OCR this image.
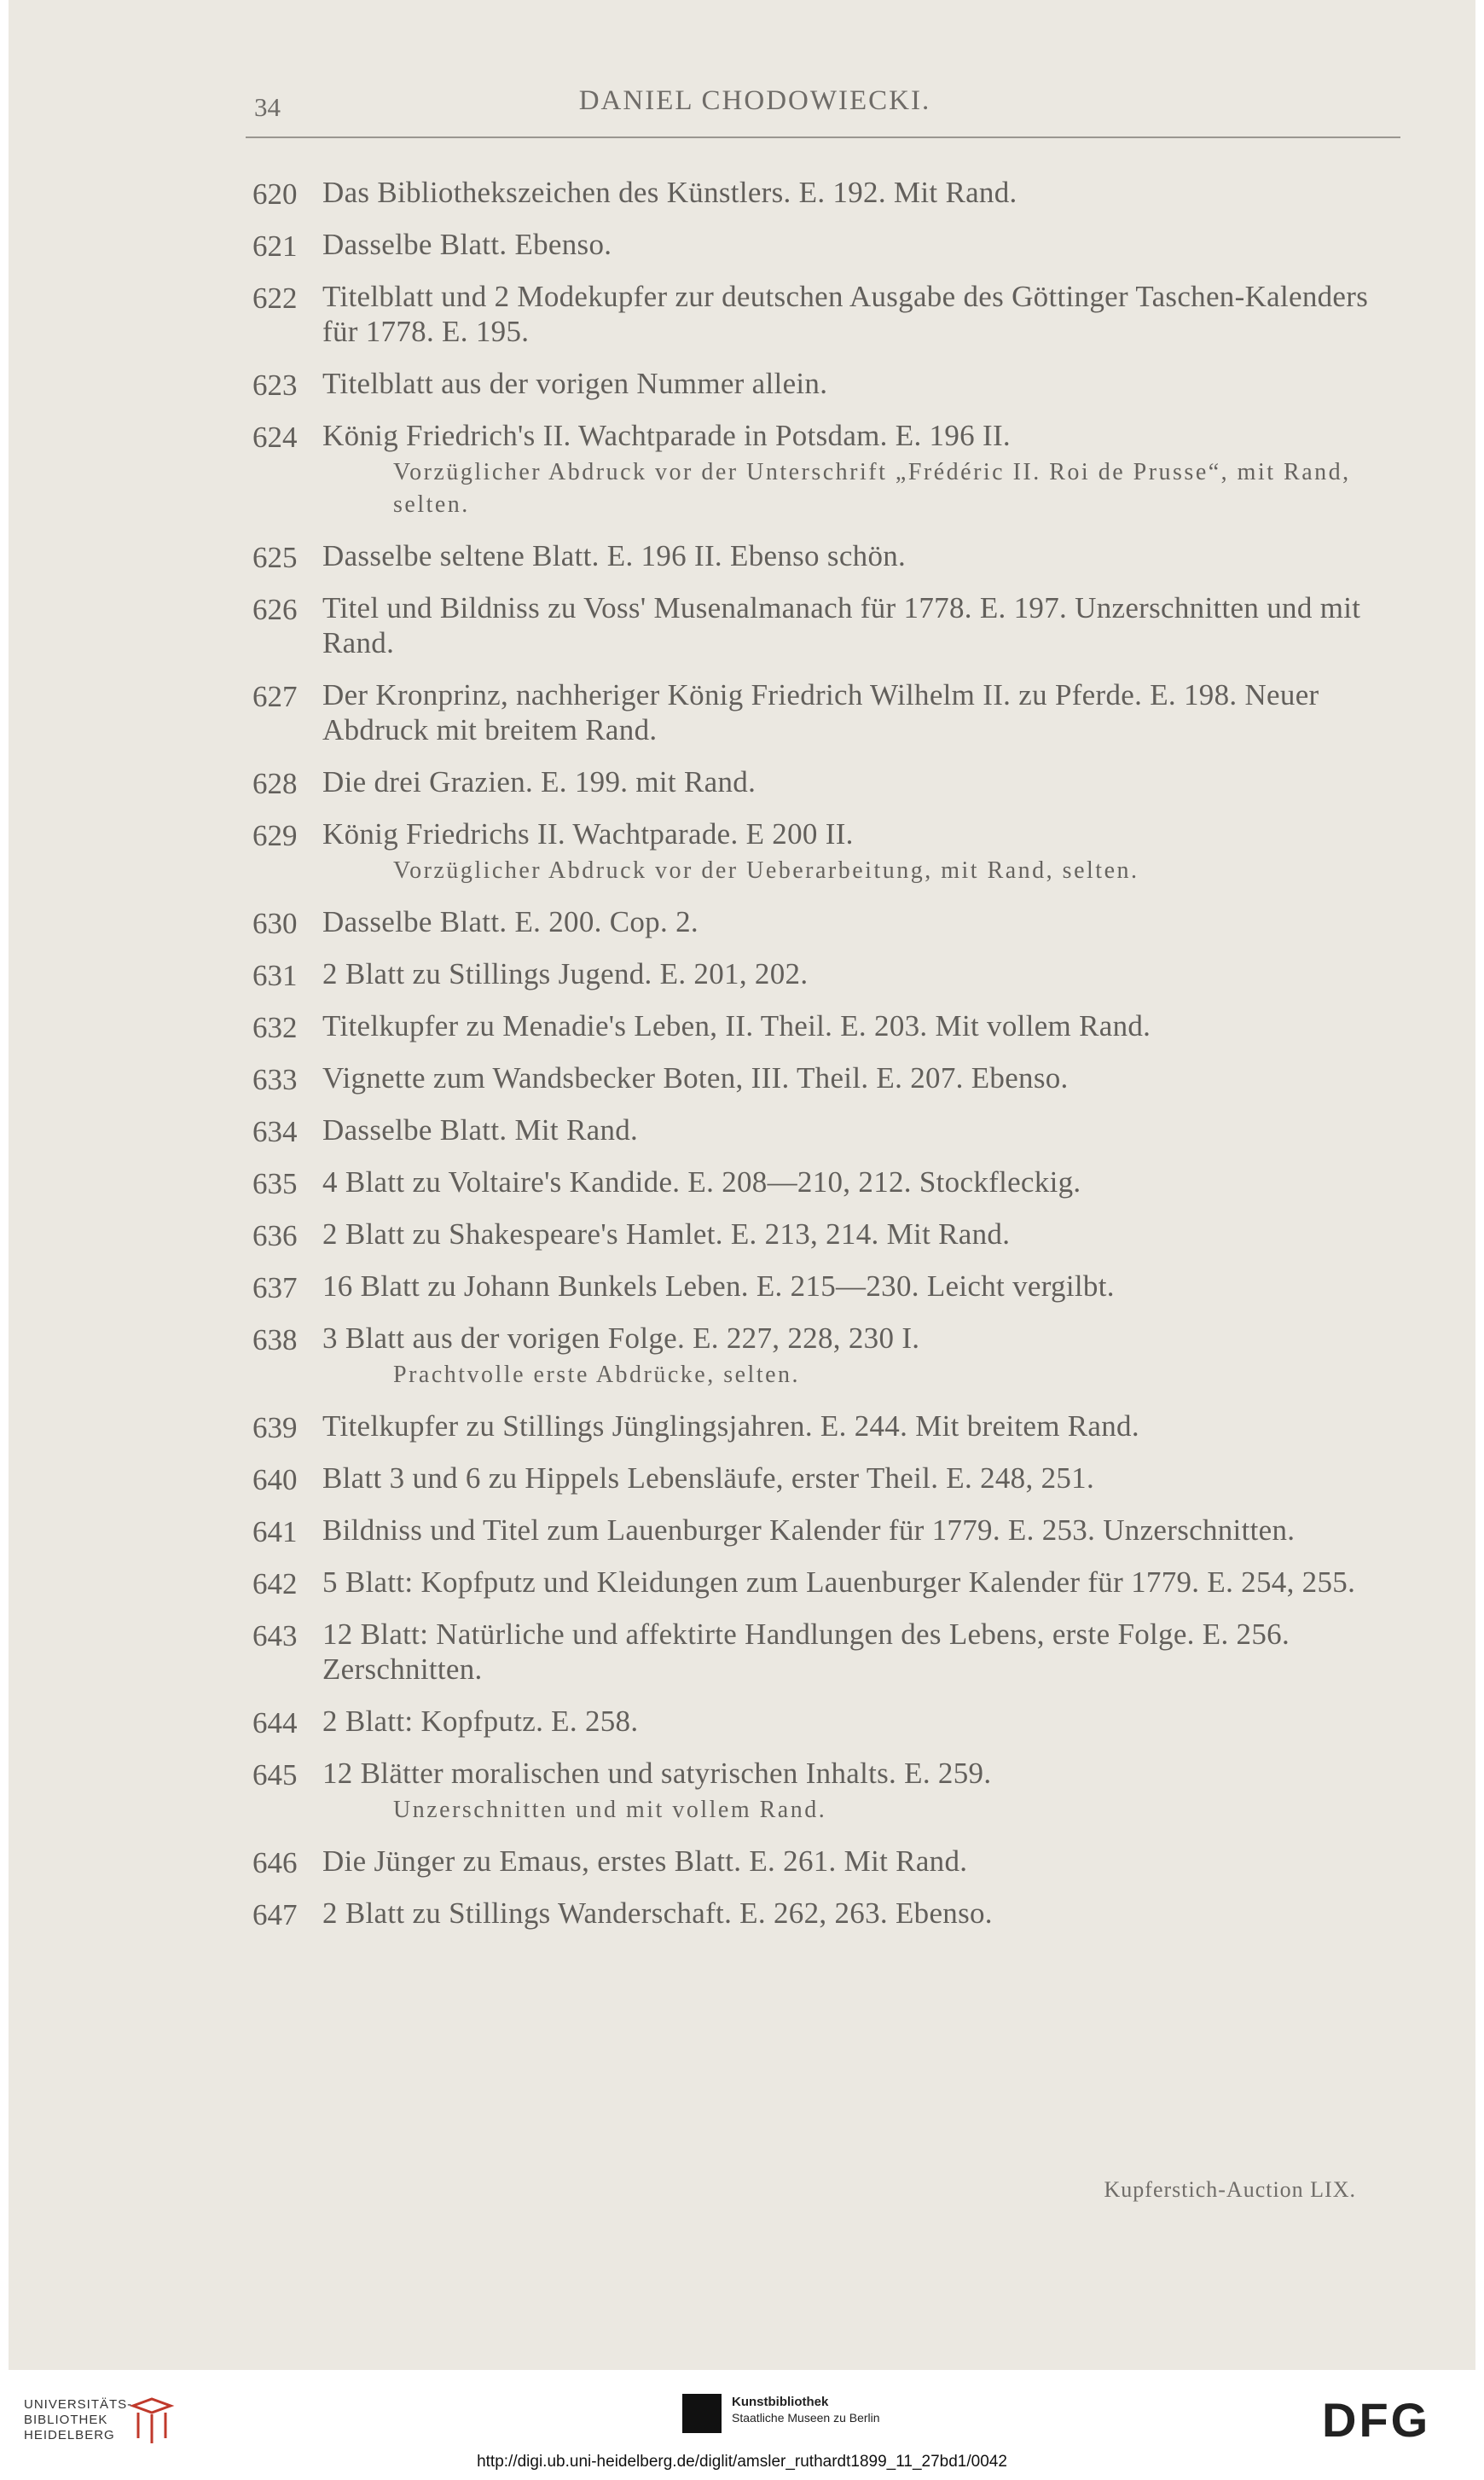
34	DANIEL CHODOWIECKI.
620 Das Bibliothekszeichen des Künstlers. E. 192. Mit Rand.
621 Dasselbe Blatt. Ebenso.
622 Titelblatt und 2 Modekupfer zur deutschen Ausgabe des Göttinger Taschen-Kalenders für 1778. E. 195.
623 Titelblatt aus der vorigen Nummer allein.
624 König Friedrich's II. Wachtparade in Potsdam. E. 196 II.
Vorzüglicher Abdruck vor der Unterschrift „Frédéric II. Roi de Prusse“, mit Rand, selten.
625 Dasselbe seltene Blatt. E. 196 II. Ebenso schön.
626 Titel und Bildniss zu Voss' Musenalmanach für 1778. E. 197. Unzerschnitten und mit Rand.
627 Der Kronprinz, nachheriger König Friedrich Wilhelm II. zu Pferde. E. 198. Neuer Abdruck mit breitem Rand.
628 Die drei Grazien. E. 199. mit Rand.
629 König Friedrichs II. Wachtparade. E 200 II.
Vorzüglicher Abdruck vor der Ueberarbeitung, mit Rand, selten.
630 Dasselbe Blatt. E. 200. Cop. 2.
631 2 Blatt zu Stillings Jugend. E. 201, 202.
632 Titelkupfer zu Menadie's Leben, II. Theil. E. 203. Mit vollem Rand.
633 Vignette zum Wandsbecker Boten, III. Theil. E. 207. Ebenso.
634 Dasselbe Blatt. Mit Rand.
635 4 Blatt zu Voltaire's Kandide. E. 208—210, 212. Stockfleckig.
636 2 Blatt zu Shakespeare's Hamlet. E. 213, 214. Mit Rand.
637 16 Blatt zu Johann Bunkels Leben. E. 215—230. Leicht vergilbt.
638 3 Blatt aus der vorigen Folge. E. 227, 228, 230 I.
Prachtvolle erste Abdrücke, selten.
639 Titelkupfer zu Stillings Jünglingsjahren. E. 244. Mit breitem Rand.
640 Blatt 3 und 6 zu Hippels Lebensläufe, erster Theil. E. 248, 251.
641 Bildniss und Titel zum Lauenburger Kalender für 1779. E. 253. Unzerschnitten.
642 5 Blatt: Kopfputz und Kleidungen zum Lauenburger Kalender für 1779. E. 254, 255.
643 12 Blatt: Natürliche und affektirte Handlungen des Lebens, erste Folge. E. 256. Zerschnitten.
644 2 Blatt: Kopfputz. E. 258.
645 12 Blätter moralischen und satyrischen Inhalts. E. 259.
Unzerschnitten und mit vollem Rand.
646 Die Jünger zu Emaus, erstes Blatt. E. 261. Mit Rand.
647 2 Blatt zu Stillings Wanderschaft. E. 262, 263. Ebenso.
Kupferstich-Auction LIX.
UNIVERSITÄTS-
BIBLIOTHEK
HEIDELBERG
Kunstbibliothek
Staatliche Museen zu Berlin	DFG
http://digi.ub.uni-heidelberg.de/diglit/amsler_ruthardt1899_11_27bd1/0042
